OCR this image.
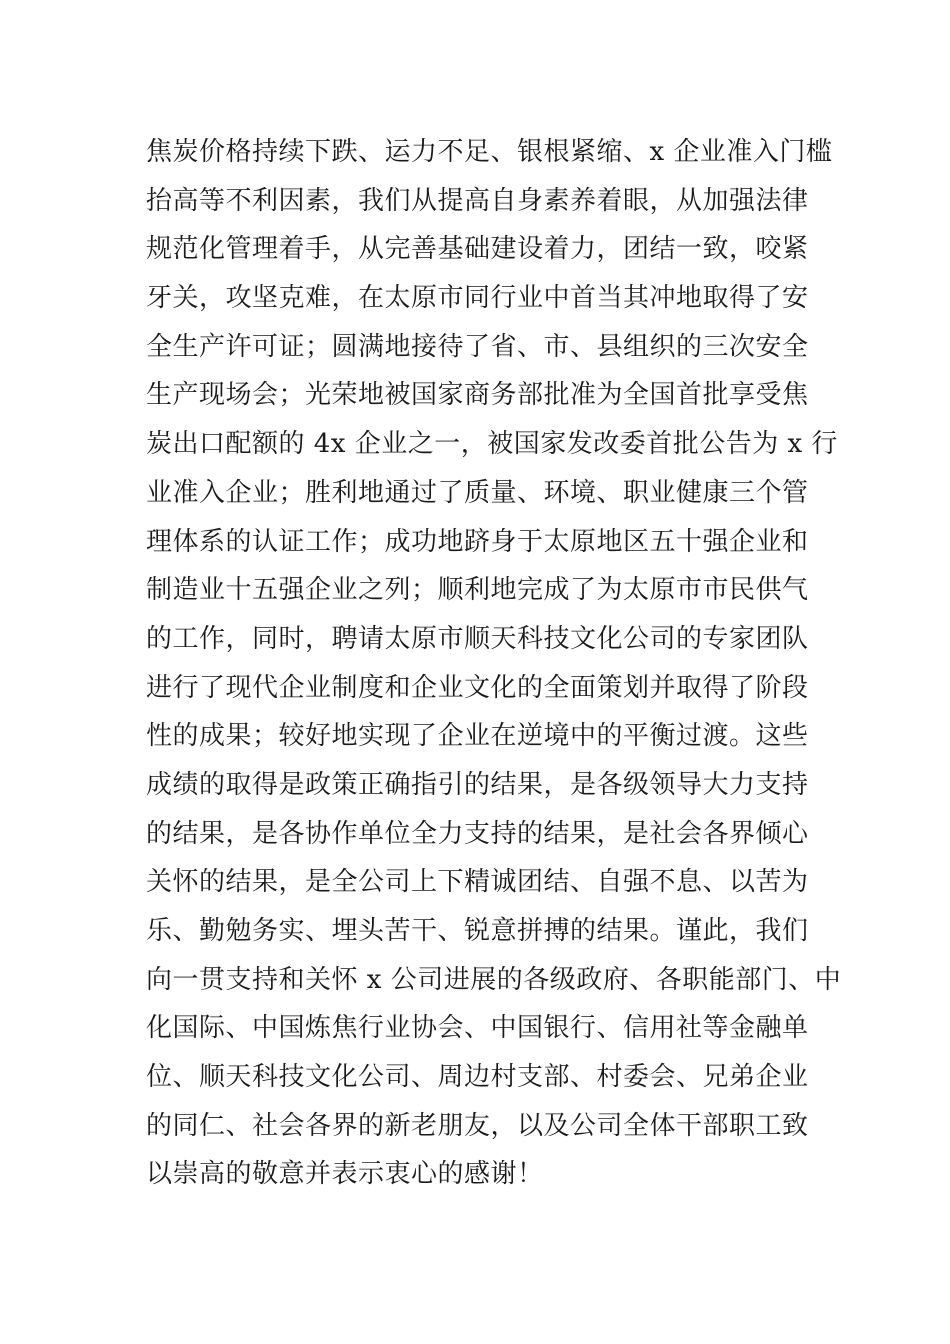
焦炭价格持续下跌、运力不足、银根紧缩、x 企业准入门槛
抬高等不利因素，我们从提高自身素养着眼，从加强法律
规范化管理着手，从完善基础建设着力，团结一致，咬紧
牙关，攻坚克难，在太原市同行业中首当其冲地取得了安
全生产许可证；圆满地接待了省、市、县组织的三次安全
生产现场会；光荣地被国家商务部批准为全国首批享受焦
炭出口配额的 4x 企业之一，被国家发改委首批公告为 x 行
业准入企业；胜利地通过了质量、环境、职业健康三个管
理体系的认证工作；成功地跻身于太原地区五十强企业和
制造业十五强企业之列；顺利地完成了为太原市市民供气
的工作，同时，聘请太原市顺天科技文化公司的专家团队
进行了现代企业制度和企业文化的全面策划并取得了阶段
性的成果；较好地实现了企业在逆境中的平衡过渡。这些
成绩的取得是政策正确指引的结果，是各级领导大力支持
的结果，是各协作单位全力支持的结果，是社会各界倾心
关怀的结果，是全公司上下精诚团结、自强不息、以苦为
乐、勤勉务实、埋头苦干、锐意拼搏的结果。谨此，我们
向一贯支持和关怀 x 公司进展的各级政府、各职能部门、中
化国际、中国炼焦行业协会、中国银行、信用社等金融单
位、顺天科技文化公司、周边村支部、村委会、兄弟企业
的同仁、社会各界的新老朋友，以及公司全体干部职工致
以崇高的敬意并表示衷心的感谢！
